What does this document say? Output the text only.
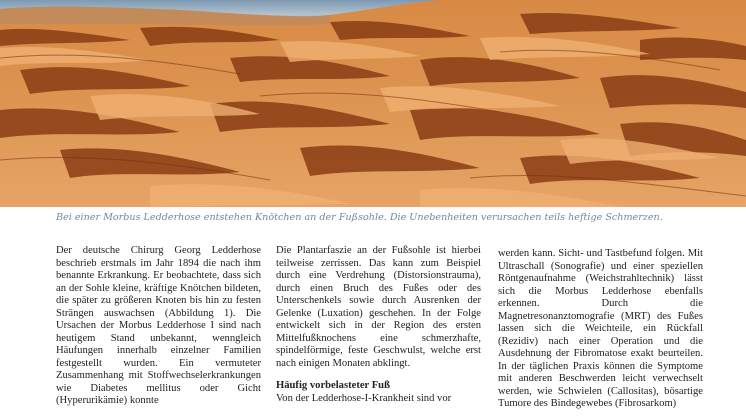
Bei einer Morbus Ledderhose entstehen Knötchen an der Fußsohle. Die Unebenheiten verursachen teils heftige Schmerzen.

Der deutsche Chirurg Georg Ledderhose beschrieb erstmals im Jahr 1894 die nach ihm benannte Erkrankung. Er beobachtete, dass sich an der Sohle kleine, kräftige Knötchen bildeten, die später zu größeren Knoten bis hin zu festen Strängen auswachsen (Abbildung 1). Die Ursachen der Morbus Ledderhose I sind nach heutigem Stand unbekannt, wenngleich Häufungen innerhalb einzelner Familien festgestellt wurden. Ein vermuteter Zusammenhang mit Stoffwechselerkrankungen wie Diabetes mellitus oder Gicht (Hyperurikämie) konnte

Die Plantarfaszie an der Fußsohle ist hierbei teilweise zerrissen. Das kann zum Beispiel durch eine Verdrehung (Distorsionstrauma), durch einen Bruch des Fußes oder des Unterschenkels sowie durch Ausrenken der Gelenke (Luxation) geschehen. In der Folge entwickelt sich in der Region des ersten Mittelfußknochens eine schmerzhafte, spindelförmige, feste Geschwulst, welche erst nach einigen Monaten abklingt.

Häufig vorbelasteter Fuß

Von der Ledderhose-I-Krankheit sind vor

werden kann. Sicht- und Tastbefund folgen. Mit Ultraschall (Sonografie) und einer speziellen Röntgenaufnahme (Weichstrahltechnik) lässt sich die Morbus Ledderhose ebenfalls erkennen. Durch die Magnetresonanztomografie (MRT) des Fußes lassen sich die Weichteile, ein Rückfall (Rezidiv) nach einer Operation und die Ausdehnung der Fibromatose exakt beurteilen. In der täglichen Praxis können die Symptome mit anderen Beschwerden leicht verwechselt werden, wie Schwielen (Callositas), bösartige Tumore des Bindegewebes (Fibrosarkom)
